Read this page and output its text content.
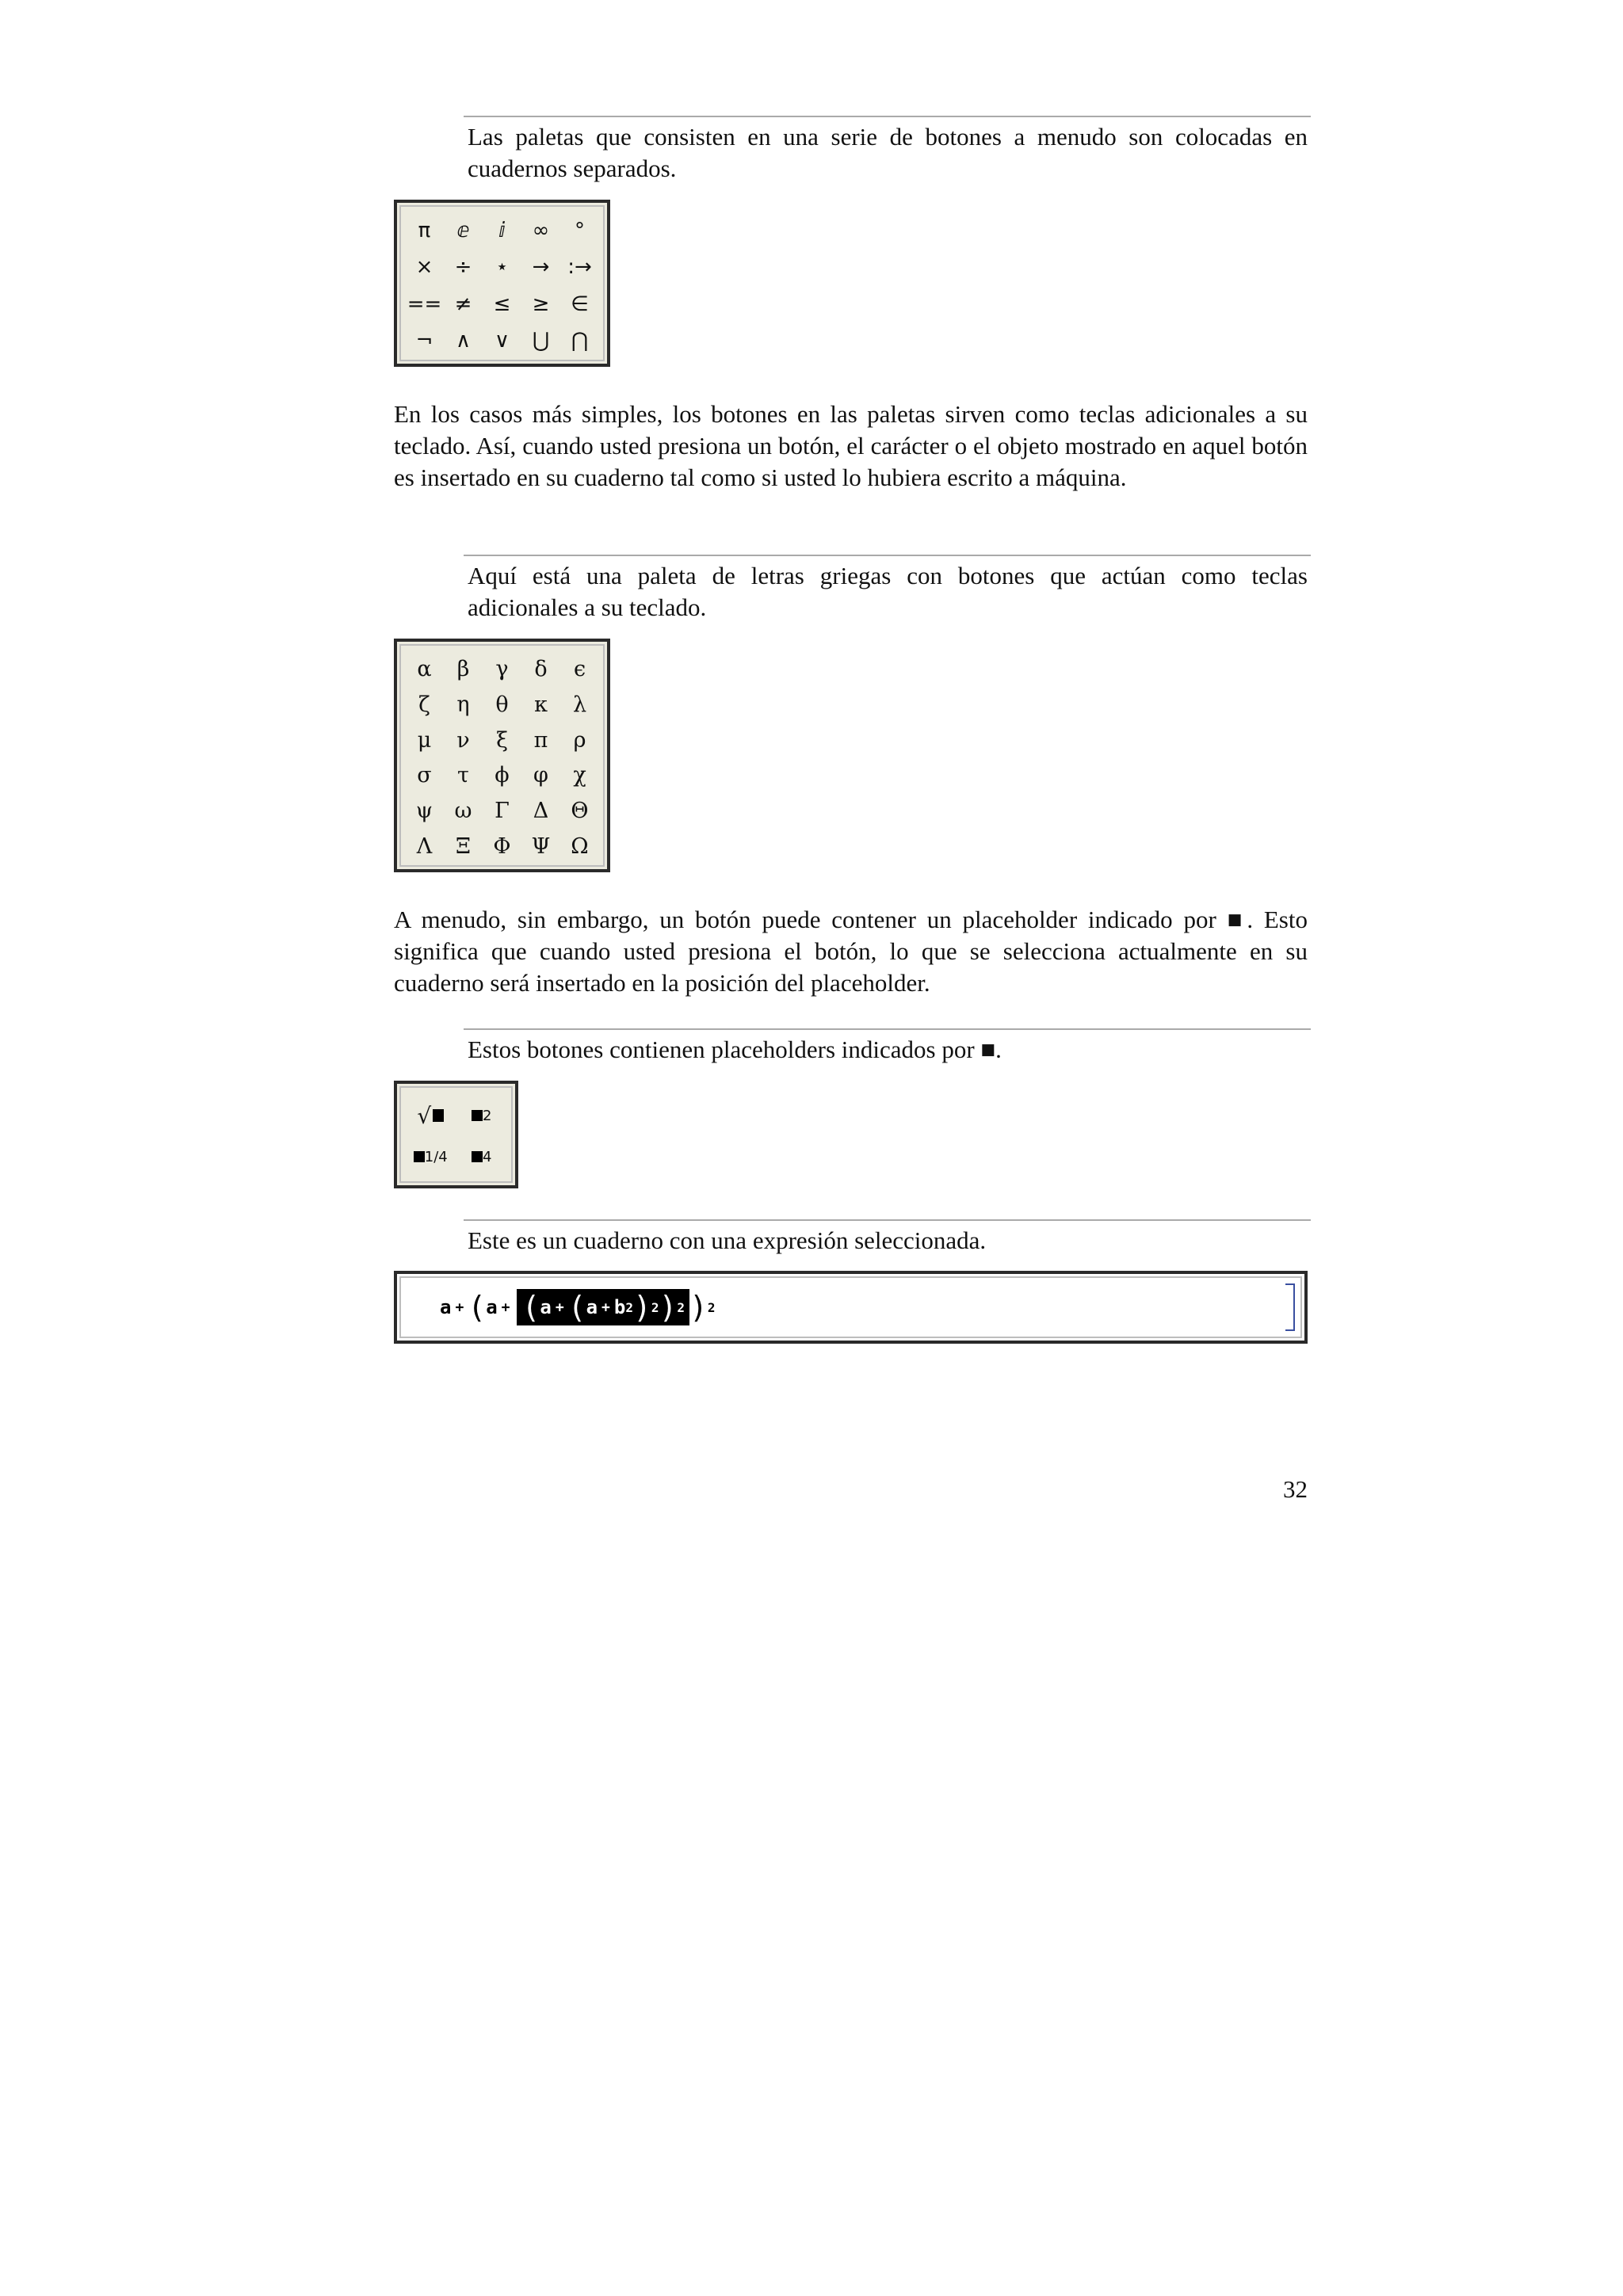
Las paletas que consisten en una serie de botones a menudo son colocadas en cuadernos separados.
π	ⅇ	ⅈ	∞	°
×	÷	⋆	→ :→
== ≠	≤	≥	∈
¬	∧	∨	⋃	⋂
En los casos más simples, los botones en las paletas sirven como teclas adicionales a su teclado. Así, cuando usted presiona un botón, el carácter o el objeto mostrado en aquel botón es insertado en su cuaderno tal como si usted lo hubiera escrito a máquina.
Aquí está una paleta de letras griegas con botones que actúan como teclas adicionales a su teclado.
α	β	γ	δ	ϵ
ζ	η	θ	κ	λ
μ	ν	ξ	π	ρ
σ	τ	ϕ	φ	χ
ψ	ω	Γ	Δ	Θ
Λ	Ξ	Φ Ψ Ω
A menudo, sin embargo, un botón puede contener un placeholder indicado por ■. Esto significa que cuando usted presiona el botón, lo que se selecciona actualmente en su cuaderno será insertado en la posición del placeholder.
Estos botones contienen placeholders indicados por ■.
√	2
1/4 4
Este es un cuaderno con una expresión seleccionada.
a + ( a + ( a + ( a + b 2 ) 2 ) 2 ) 2
32
